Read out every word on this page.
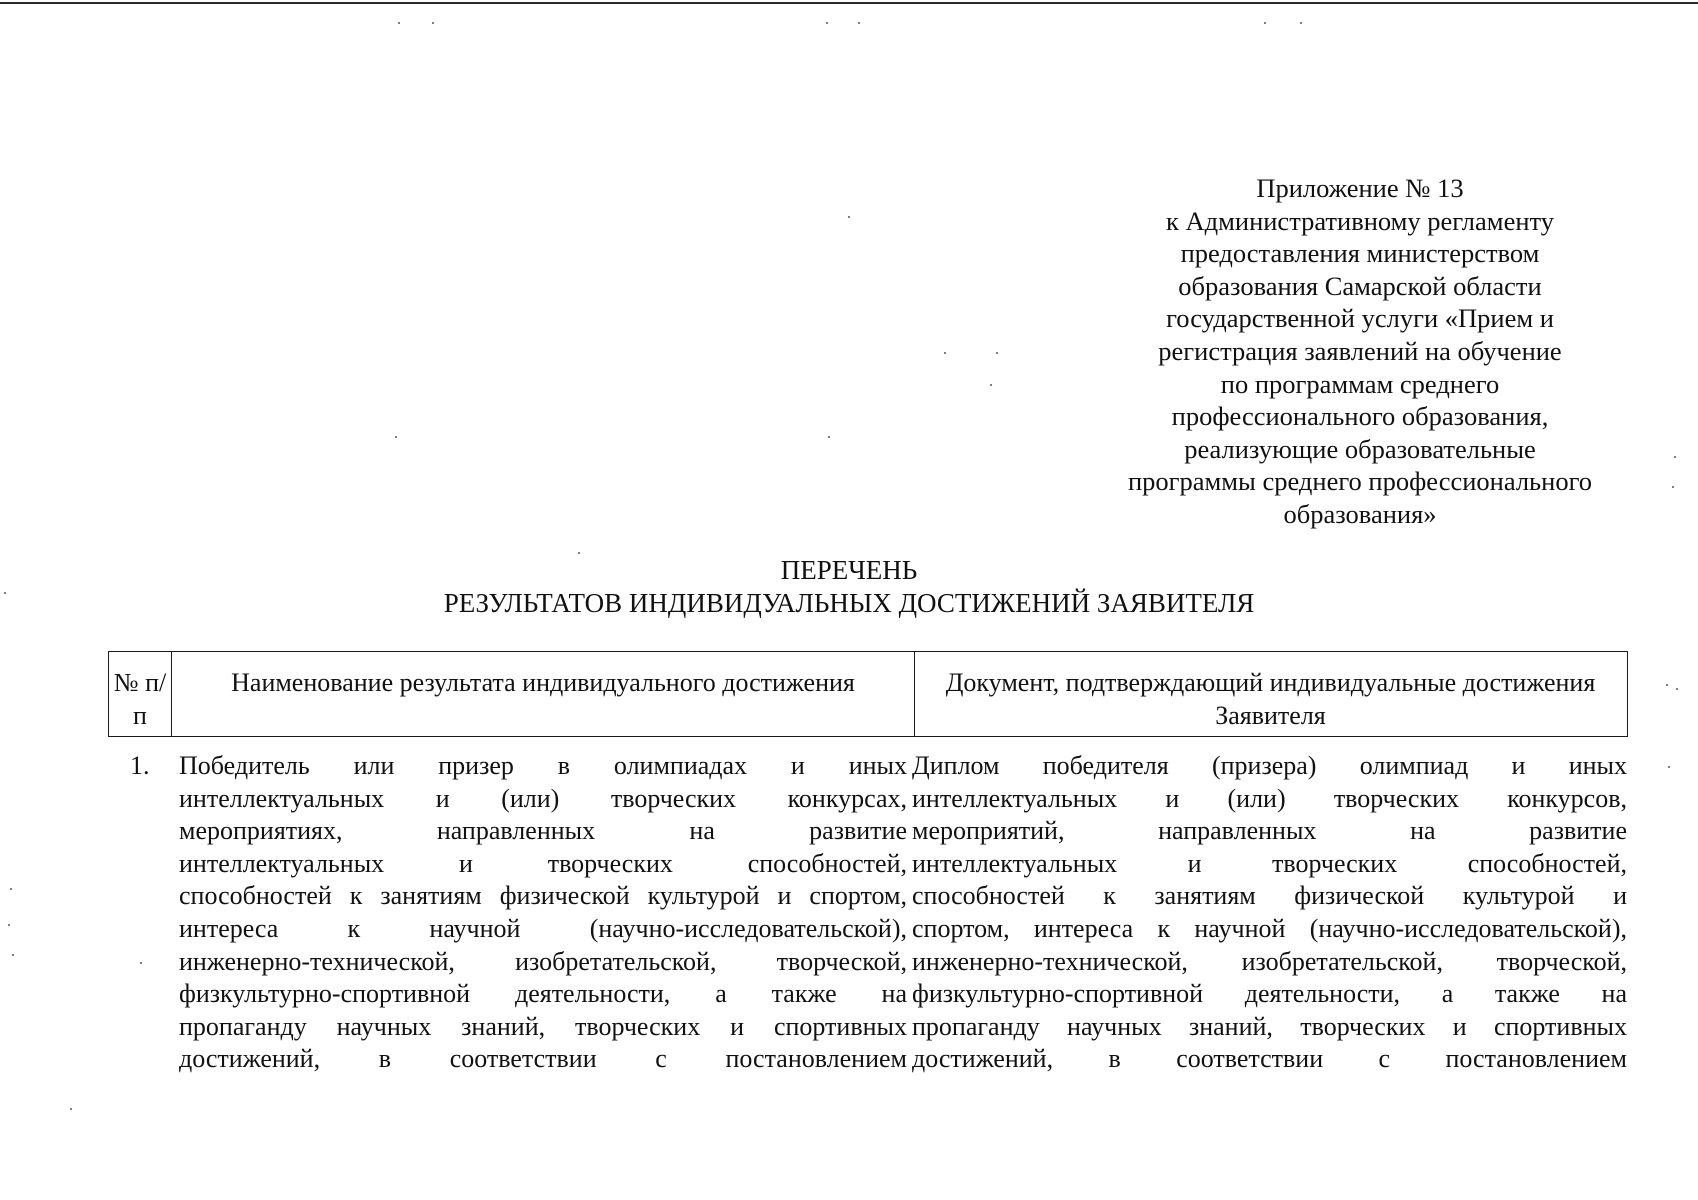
Приложение № 13
к Административному регламенту
предоставления министерством
образования Самарской области
государственной услуги «Прием и
регистрация заявлений на обучение
по программам среднего
профессионального образования,
реализующие образовательные
программы среднего профессионального
образования»
ПЕРЕЧЕНЬ
РЕЗУЛЬТАТОВ ИНДИВИДУАЛЬНЫХ ДОСТИЖЕНИЙ ЗАЯВИТЕЛЯ
№ п/п
Наименование результата индивидуального достижения	Документ, подтверждающий индивидуальные достижения Заявителя
1.	Победитель или призер в олимпиадах и иных
интеллектуальных и (или) творческих конкурсах,
мероприятиях, направленных на развитие
интеллектуальных и творческих способностей,
способностей к занятиям физической культурой и спортом,
интереса к научной (научно-исследовательской),
инженерно-технической, изобретательской, творческой,
физкультурно-спортивной деятельности, а также на
пропаганду научных знаний, творческих и спортивных
достижений, в соответствии с постановлением
Диплом победителя (призера) олимпиад и иных
интеллектуальных и (или) творческих конкурсов,
мероприятий, направленных на развитие
интеллектуальных и творческих способностей,
способностей к занятиям физической культурой и
спортом, интереса к научной (научно-исследовательской),
инженерно-технической, изобретательской, творческой,
физкультурно-спортивной деятельности, а также на
пропаганду научных знаний, творческих и спортивных
достижений, в соответствии с постановлением
